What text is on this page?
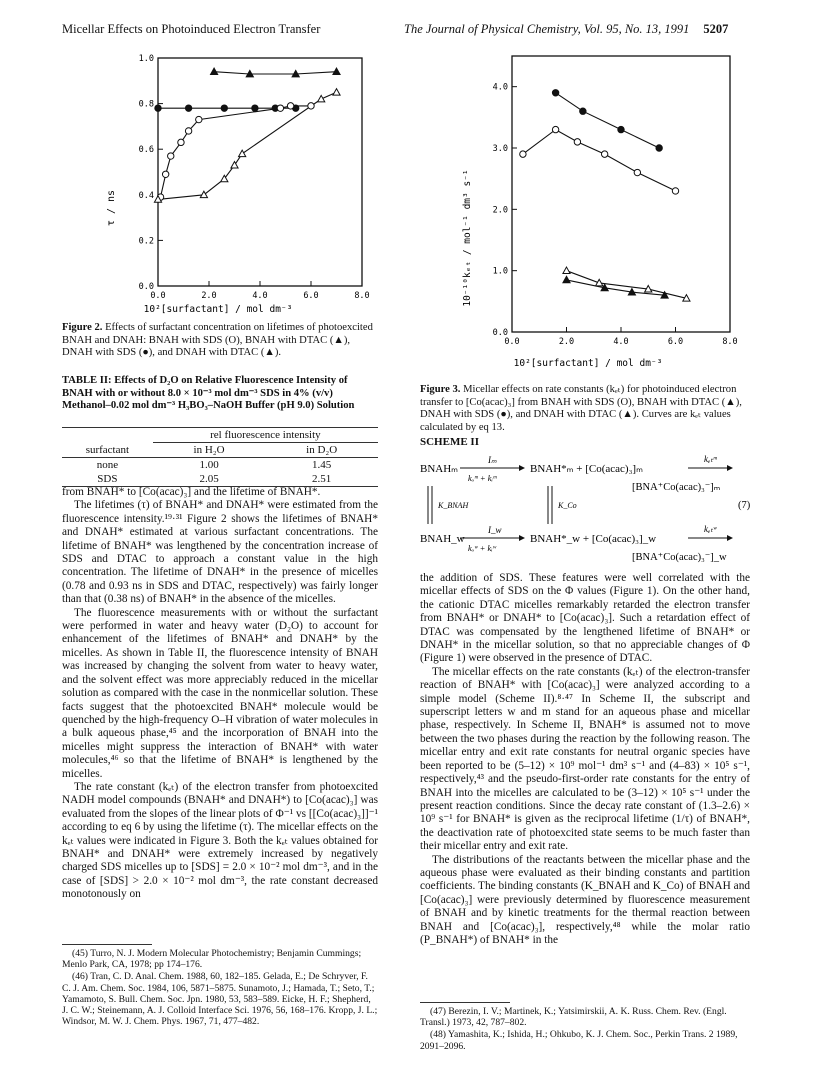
Micellar Effects on Photoinduced Electron Transfer	The Journal of Physical Chemistry, Vol. 95, No. 13, 1991 5207
0.0	2.0	4.0	6.0	8.0
0.0
0.2
0.4
0.6
0.8
1.0
τ / ns
10²[surfactant] / mol dm⁻³
Figure 2. Effects of surfactant concentration on lifetimes of photoexcited BNAH and DNAH: BNAH with SDS (O), BNAH with DTAC (▲), DNAH with SDS (●), and DNAH with DTAC (▲).
TABLE II: Effects of D₂O on Relative Fluorescence Intensity of BNAH with or without 8.0 × 10⁻³ mol dm⁻³ SDS in 4% (v/v) Methanol–0.02 mol dm⁻³ H₃BO₃–NaOH Buffer (pH 9.0) Solution
	rel fluorescence intensity	
surfactant	in H₂O	in D₂O
none	1.00	1.45
SDS	2.05	2.51

from BNAH* to [Co(acac)₃] and the lifetime of BNAH*.

The lifetimes (τ) of BNAH* and DNAH* were estimated from the fluorescence intensity.¹⁹·³¹ Figure 2 shows the lifetimes of BNAH* and DNAH* estimated at various surfactant concentrations. The lifetime of BNAH* was lengthened by the concentration increase of SDS and DTAC to approach a constant value in the high concentration. The lifetime of DNAH* in the presence of micelles (0.78 and 0.93 ns in SDS and DTAC, respectively) was fairly longer than that (0.38 ns) of BNAH* in the absence of the micelles.

The fluorescence measurements with or without the surfactant were performed in water and heavy water (D₂O) to account for enhancement of the lifetimes of BNAH* and DNAH* by the micelles. As shown in Table II, the fluorescence intensity of BNAH was increased by changing the solvent from water to heavy water, and the solvent effect was more appreciably reduced in the micellar solution as compared with the case in the nonmicellar solution. These facts suggest that the photoexcited BNAH* molecule would be quenched by the high-frequency O–H vibration of water molecules in a bulk aqueous phase,⁴⁵ and the incorporation of BNAH into the micelles might suppress the interaction of BNAH* with water molecules,⁴⁶ so that the lifetime of BNAH* is lengthened by the micelles.

The rate constant (kₑₜ) of the electron transfer from photoexcited NADH model compounds (BNAH* and DNAH*) to [Co(acac)₃] was evaluated from the slopes of the linear plots of Φ⁻¹ vs [[Co(acac)₃]]⁻¹ according to eq 6 by using the lifetime (τ). The micellar effects on the kₑₜ values were indicated in Figure 3. Both the kₑₜ values obtained for BNAH* and DNAH* were extremely increased by negatively charged SDS micelles up to [SDS] = 2.0 × 10⁻² mol dm⁻³, and in the case of [SDS] > 2.0 × 10⁻² mol dm⁻³, the rate constant decreased monotonously on

(45) Turro, N. J. Modern Molecular Photochemistry; Benjamin Cummings; Menlo Park, CA, 1978; pp 174–176.

(46) Tran, C. D. Anal. Chem. 1988, 60, 182–185. Gelada, E.; De Schryver, F. C. J. Am. Chem. Soc. 1984, 106, 5871–5875. Sunamoto, J.; Hamada, T.; Seto, T.; Yamamoto, S. Bull. Chem. Soc. Jpn. 1980, 53, 583–589. Eicke, H. F.; Shepherd, J. C. W.; Steinemann, A. J. Colloid Interface Sci. 1976, 56, 168–176. Kropp, J. L.; Windsor, M. W. J. Chem. Phys. 1967, 71, 477–482.

0.0	2.0	4.0	6.0	8.0
0.0
1.0
2.0
3.0
4.0
10⁻¹⁰kₑₜ / mol⁻¹ dm³ s⁻¹
10²[surfactant] / mol dm⁻³
Figure 3. Micellar effects on rate constants (kₑₜ) for photoinduced electron transfer to [Co(acac)₃] from BNAH with SDS (O), BNAH with DTAC (▲), DNAH with SDS (●), and DNAH with DTAC (▲). Curves are kₑₜ values calculated by eq 13.
SCHEME II
BNAHₘ
Iₘ
kₒᵐ + kᵢᵐ
BNAH*ₘ + [Co(acac)₃]ₘ
kₑₜᵐ
[BNA⁺Co(acac)₃⁻]ₘ
K_BNAH	K_Co	(7)
BNAH_w
I_w
kₒʷ + kᵢʷ
BNAH*_w + [Co(acac)₃]_w
kₑₜʷ
[BNA⁺Co(acac)₃⁻]_w

the addition of SDS. These features were well correlated with the micellar effects of SDS on the Φ values (Figure 1). On the other hand, the cationic DTAC micelles remarkably retarded the electron transfer from BNAH* or DNAH* to [Co(acac)₃]. Such a retardation effect of DTAC was compensated by the lengthened lifetime of BNAH* or DNAH* in the micellar solution, so that no appreciable changes of Φ (Figure 1) were observed in the presence of DTAC.

The micellar effects on the rate constants (kₑₜ) of the electron-transfer reaction of BNAH* with [Co(acac)₃] were analyzed according to a simple model (Scheme II).⁸·⁴⁷ In Scheme II, the subscript and superscript letters w and m stand for an aqueous phase and micellar phase, respectively. In Scheme II, BNAH* is assumed not to move between the two phases during the reaction by the following reason. The micellar entry and exit rate constants for neutral organic species have been reported to be (5–12) × 10⁹ mol⁻¹ dm³ s⁻¹ and (4–83) × 10⁵ s⁻¹, respectively,⁴³ and the pseudo-first-order rate constants for the entry of BNAH into the micelles are calculated to be (3–12) × 10⁵ s⁻¹ under the present reaction conditions. Since the decay rate constant of (1.3–2.6) × 10⁹ s⁻¹ for BNAH* is given as the reciprocal lifetime (1/τ) of BNAH*, the deactivation rate of photoexcited state seems to be much faster than their micellar entry and exit rate.

The distributions of the reactants between the micellar phase and the aqueous phase were evaluated as their binding constants and partition coefficients. The binding constants (K_BNAH and K_Co) of BNAH and [Co(acac)₃] were previously determined by fluorescence measurement of BNAH and by kinetic treatments for the thermal reaction between BNAH and [Co(acac)₃], respectively,⁴⁸ while the molar ratio (P_BNAH*) of BNAH* in the

(47) Berezin, I. V.; Martinek, K.; Yatsimirskii, A. K. Russ. Chem. Rev. (Engl. Transl.) 1973, 42, 787–802.

(48) Yamashita, K.; Ishida, H.; Ohkubo, K. J. Chem. Soc., Perkin Trans. 2 1989, 2091–2096.
